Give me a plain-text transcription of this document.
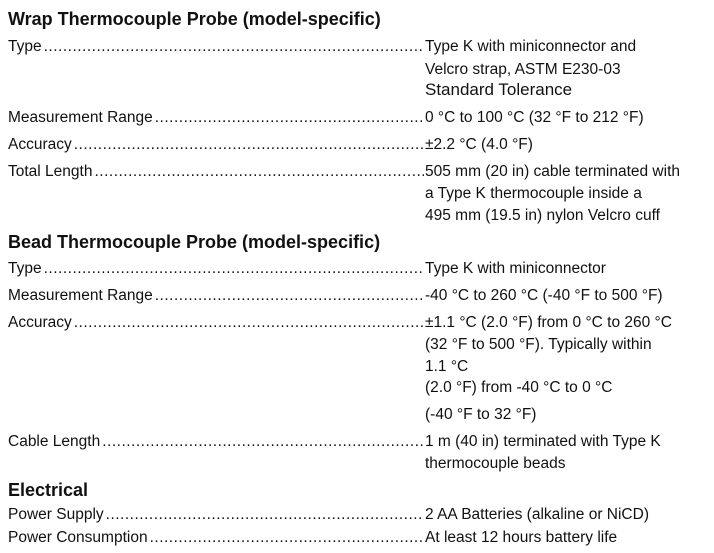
Wrap Thermocouple Probe (model-specific)
Type .....	Type K with miniconnector and
Velcro strap, ASTM E230-03
Standard Tolerance
Measurement Range .....	0 °C to 100 °C (32 °F to 212 °F)
Accuracy .....	±2.2 °C (4.0 °F)
Total Length .....	505 mm (20 in) cable terminated with
a Type K thermocouple inside a
495 mm (19.5 in) nylon Velcro cuff
Bead Thermocouple Probe (model-specific)
Type .....	Type K with miniconnector
Measurement Range .....	-40 °C to 260 °C (-40 °F to 500 °F)
Accuracy .....	±1.1 °C (2.0 °F) from 0 °C to 260 °C
(32 °F to 500 °F). Typically within
1.1 °C
(2.0 °F) from -40 °C to 0 °C
(-40 °F to 32 °F)
Cable Length .....	1 m (40 in) terminated with Type K
thermocouple beads
Electrical
Power Supply .....	2 AA Batteries (alkaline or NiCD)
Power Consumption .....	At least 12 hours battery life
